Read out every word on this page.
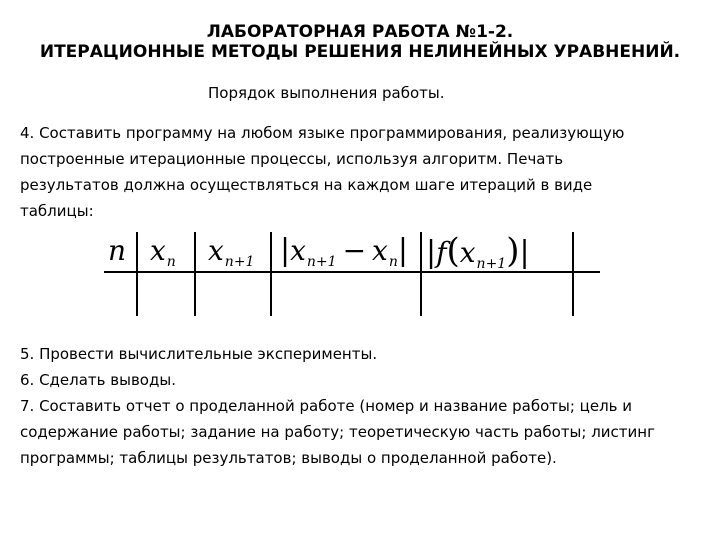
ЛАБОРАТОРНАЯ РАБОТА №1-2.
ИТЕРАЦИОННЫЕ МЕТОДЫ РЕШЕНИЯ НЕЛИНЕЙНЫХ УРАВНЕНИЙ.
Порядок выполнения работы.
4. Составить программу на любом языке программирования, реализующую
построенные итерационные процессы, используя алгоритм. Печать
результатов должна осуществляться на каждом шаге итераций в виде
таблицы:
n $x_n$ $x_{n+1}$ $|x_{n+1} - x_n|$ $|f(x_{n+1})|$
5. Провести вычислительные эксперименты.
6. Сделать выводы.
7. Составить отчет о проделанной работе (номер и название работы; цель и содержание работы; задание на работу; теоретическую часть работы; листинг программы; таблицы результатов; выводы о проделанной работе).
